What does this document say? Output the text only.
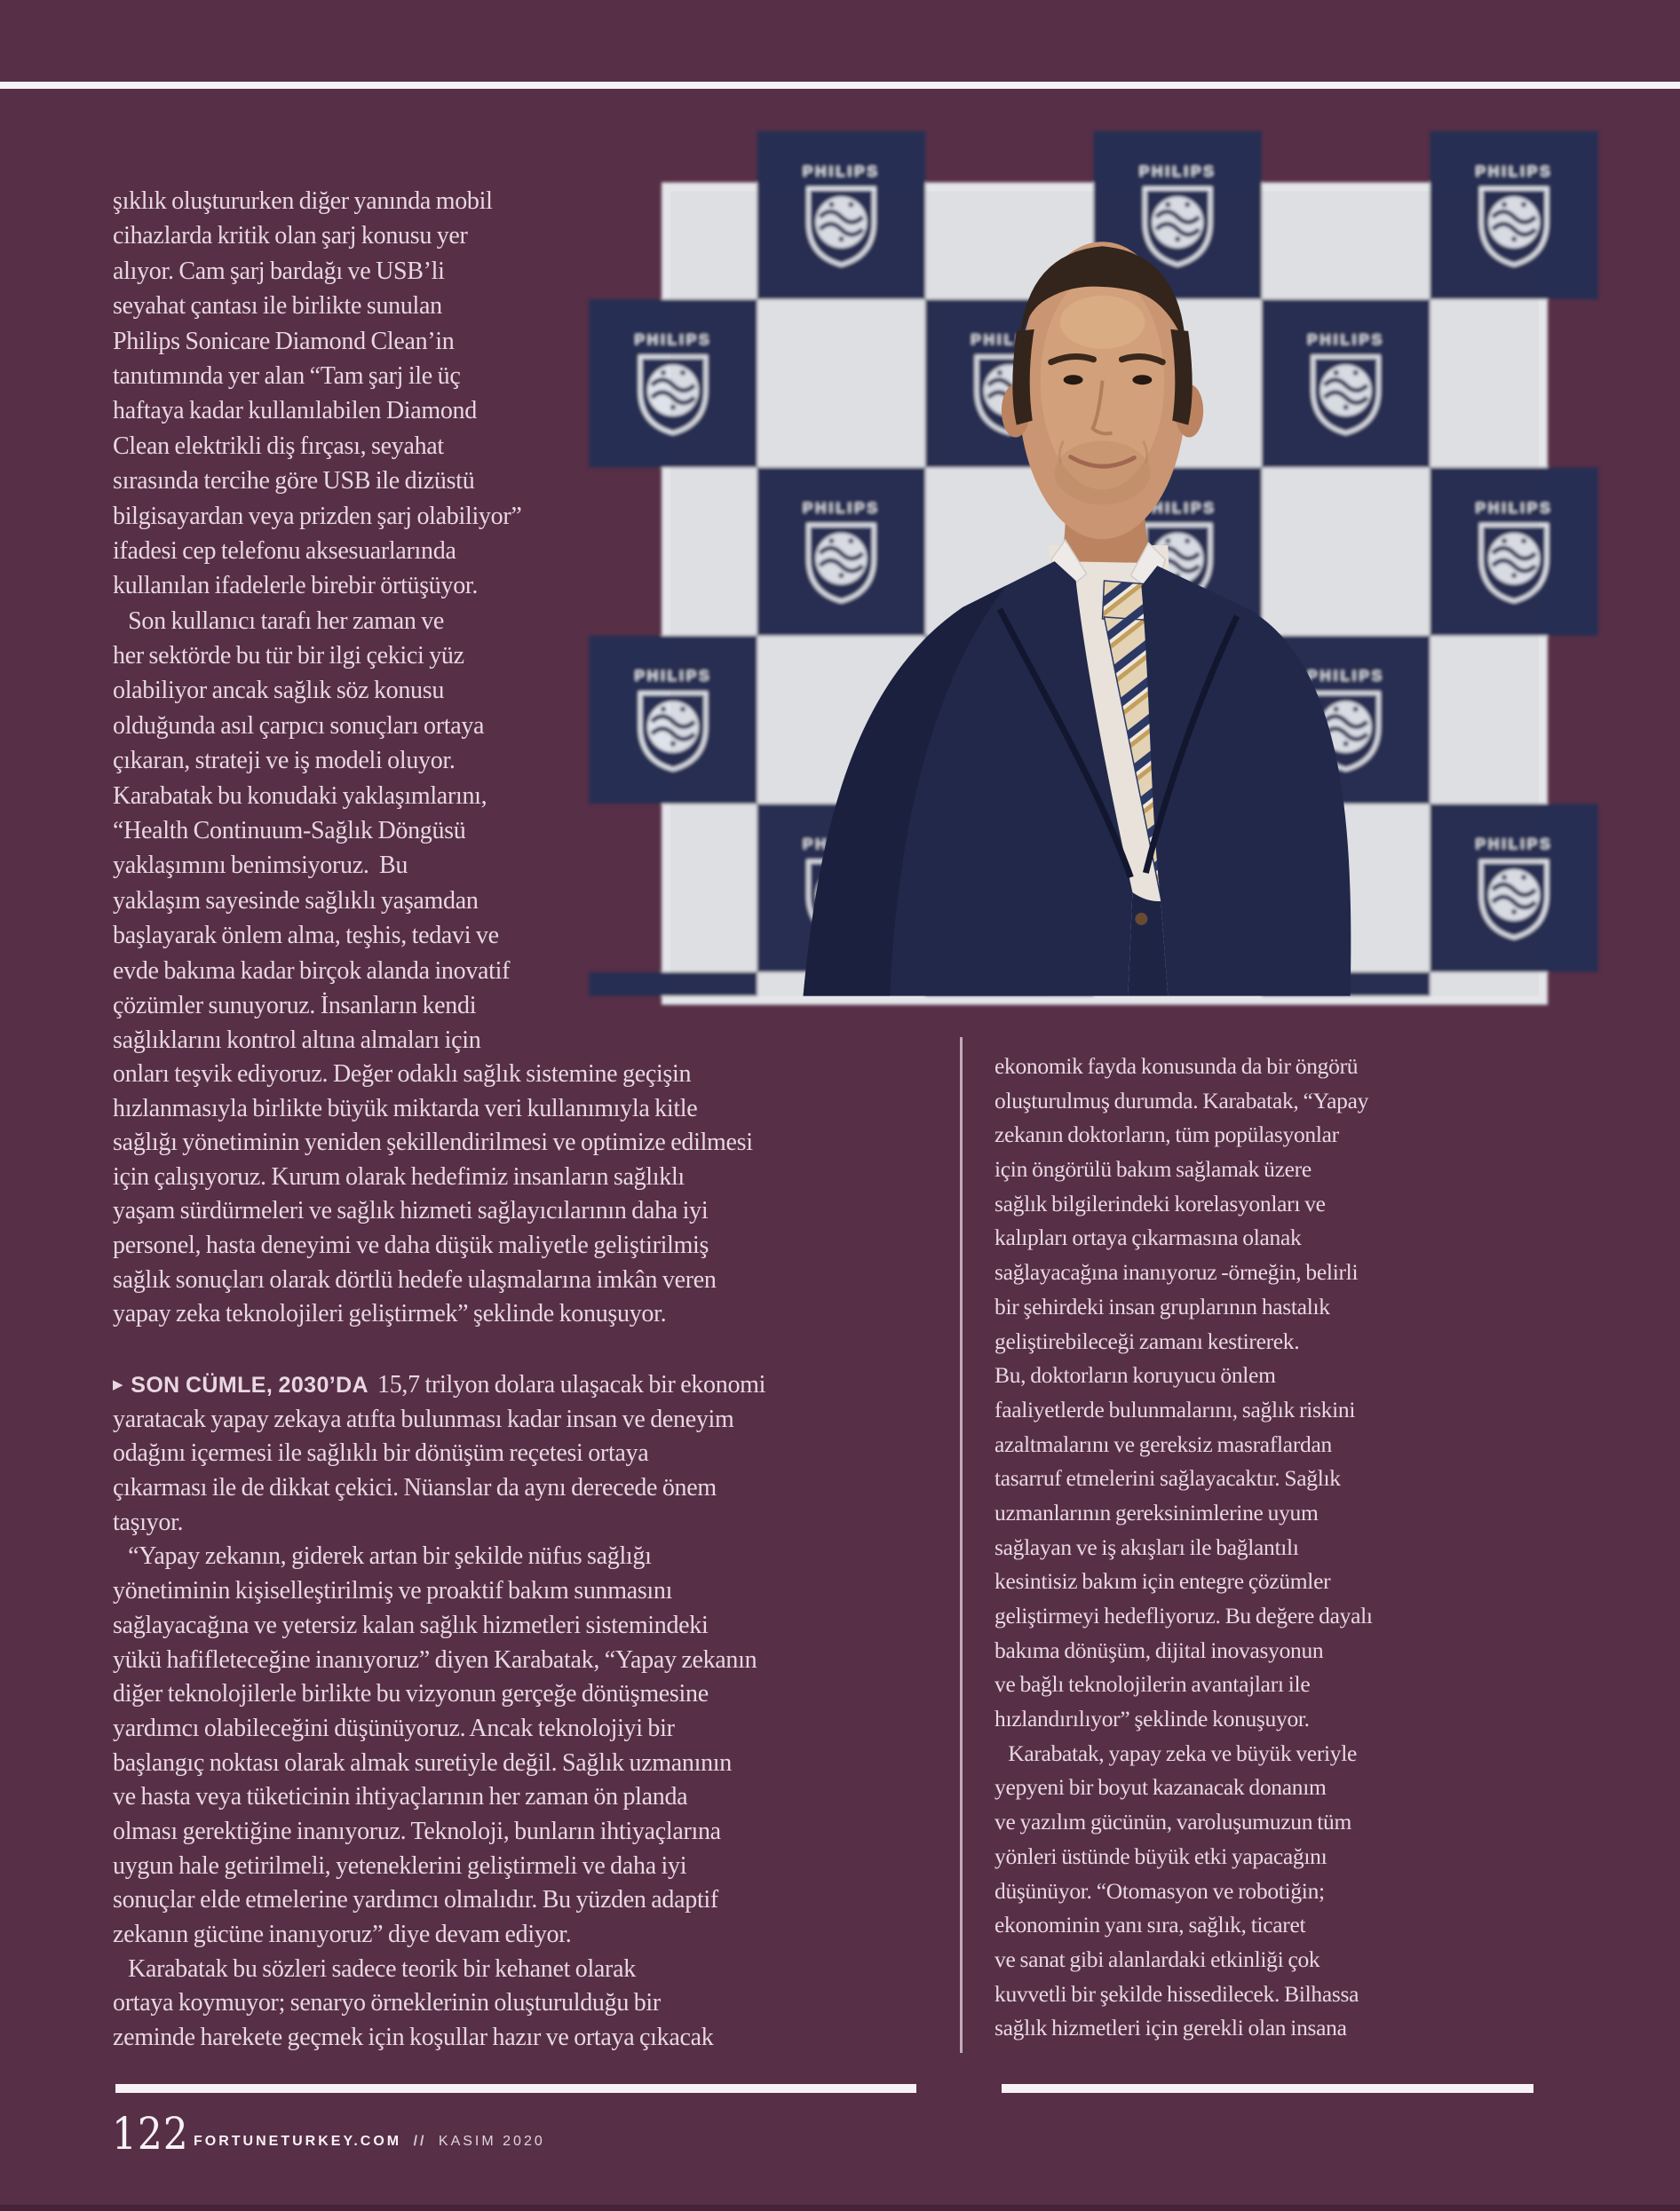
şıklık oluştururken diğer yanında mobil
cihazlarda kritik olan şarj konusu yer
alıyor. Cam şarj bardağı ve USB’li
seyahat çantası ile birlikte sunulan
Philips Sonicare Diamond Clean’in
tanıtımında yer alan “Tam şarj ile üç
haftaya kadar kullanılabilen Diamond
Clean elektrikli diş fırçası, seyahat
sırasında tercihe göre USB ile dizüstü
bilgisayardan veya prizden şarj olabiliyor”
ifadesi cep telefonu aksesuarlarında
kullanılan ifadelerle birebir örtüşüyor.
Son kullanıcı tarafı her zaman ve
her sektörde bu tür bir ilgi çekici yüz
olabiliyor ancak sağlık söz konusu
olduğunda asıl çarpıcı sonuçları ortaya
çıkaran, strateji ve iş modeli oluyor.
Karabatak bu konudaki yaklaşımlarını,
“Health Continuum-Sağlık Döngüsü
yaklaşımını benimsiyoruz.  Bu
yaklaşım sayesinde sağlıklı yaşamdan
başlayarak önlem alma, teşhis, tedavi ve
evde bakıma kadar birçok alanda inovatif
çözümler sunuyoruz. İnsanların kendi
sağlıklarını kontrol altına almaları için
PHILIPS
onları teşvik ediyoruz. Değer odaklı sağlık sistemine geçişin
hızlanmasıyla birlikte büyük miktarda veri kullanımıyla kitle
sağlığı yönetiminin yeniden şekillendirilmesi ve optimize edilmesi
için çalışıyoruz. Kurum olarak hedefimiz insanların sağlıklı
yaşam sürdürmeleri ve sağlık hizmeti sağlayıcılarının daha iyi
personel, hasta deneyimi ve daha düşük maliyetle geliştirilmiş
sağlık sonuçları olarak dörtlü hedefe ulaşmalarına imkân veren
yapay zeka teknolojileri geliştirmek” şeklinde konuşuyor.
▶ SON CÜMLE, 2030’DA 15,7 trilyon dolara ulaşacak bir ekonomi
yaratacak yapay zekaya atıfta bulunması kadar insan ve deneyim
odağını içermesi ile sağlıklı bir dönüşüm reçetesi ortaya
çıkarması ile de dikkat çekici. Nüanslar da aynı derecede önem
taşıyor.
“Yapay zekanın, giderek artan bir şekilde nüfus sağlığı
yönetiminin kişiselleştirilmiş ve proaktif bakım sunmasını
sağlayacağına ve yetersiz kalan sağlık hizmetleri sistemindeki
yükü hafifleteceğine inanıyoruz” diyen Karabatak, “Yapay zekanın
diğer teknolojilerle birlikte bu vizyonun gerçeğe dönüşmesine
yardımcı olabileceğini düşünüyoruz. Ancak teknolojiyi bir
başlangıç noktası olarak almak suretiyle değil. Sağlık uzmanının
ve hasta veya tüketicinin ihtiyaçlarının her zaman ön planda
olması gerektiğine inanıyoruz. Teknoloji, bunların ihtiyaçlarına
uygun hale getirilmeli, yeteneklerini geliştirmeli ve daha iyi
sonuçlar elde etmelerine yardımcı olmalıdır. Bu yüzden adaptif
zekanın gücüne inanıyoruz” diye devam ediyor.
Karabatak bu sözleri sadece teorik bir kehanet olarak
ortaya koymuyor; senaryo örneklerinin oluşturulduğu bir
zeminde harekete geçmek için koşullar hazır ve ortaya çıkacak
ekonomik fayda konusunda da bir öngörü
oluşturulmuş durumda. Karabatak, “Yapay
zekanın doktorların, tüm popülasyonlar
için öngörülü bakım sağlamak üzere
sağlık bilgilerindeki korelasyonları ve
kalıpları ortaya çıkarmasına olanak
sağlayacağına inanıyoruz -örneğin, belirli
bir şehirdeki insan gruplarının hastalık
geliştirebileceği zamanı kestirerek.
Bu, doktorların koruyucu önlem
faaliyetlerde bulunmalarını, sağlık riskini
azaltmalarını ve gereksiz masraflardan
tasarruf etmelerini sağlayacaktır. Sağlık
uzmanlarının gereksinimlerine uyum
sağlayan ve iş akışları ile bağlantılı
kesintisiz bakım için entegre çözümler
geliştirmeyi hedefliyoruz. Bu değere dayalı
bakıma dönüşüm, dijital inovasyonun
ve bağlı teknolojilerin avantajları ile
hızlandırılıyor” şeklinde konuşuyor.
Karabatak, yapay zeka ve büyük veriyle
yepyeni bir boyut kazanacak donanım
ve yazılım gücünün, varoluşumuzun tüm
yönleri üstünde büyük etki yapacağını
düşünüyor. “Otomasyon ve robotiğin;
ekonominin yanı sıra, sağlık, ticaret
ve sanat gibi alanlardaki etkinliği çok
kuvvetli bir şekilde hissedilecek. Bilhassa
sağlık hizmetleri için gerekli olan insana
122 FORTUNETURKEY.COM // KASIM 2020
